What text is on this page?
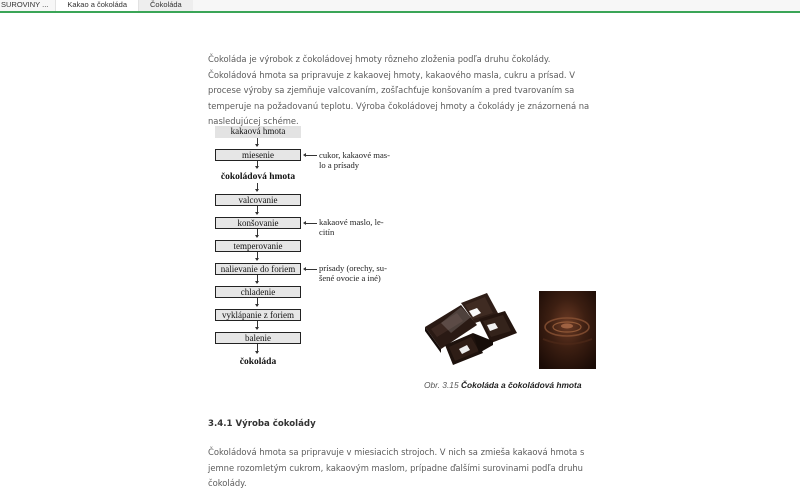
SUROVINY ...	Kakao a čokoláda	Čokoláda

Čokoláda je výrobok z čokoládovej hmoty rôzneho zloženia podľa druhu čokolády. Čokoládová hmota sa pripravuje z kakaovej hmoty, kakaového masla, cukru a prísad. V procese výroby sa zjemňuje valcovaním, zošľachťuje konšovaním a pred tvarovaním sa temperuje na požadovanú teplotu. Výroba čokoládovej hmoty a čokolády je znázornená na nasledujúcej schéme.

kakaová hmota
miesenie
čokoládová hmota
valcovanie
konšovanie
temperovanie
nalievanie do foriem
chladenie
vyklápanie z foriem
balenie
čokoláda
cukor, kakaové mas-
lo a prísady
kakaové maslo, le-
citín
prísady (orechy, su-
šené ovocie a iné)
Obr. 3.15 Čokoláda a čokoládová hmota
3.4.1 Výroba čokolády

Čokoládová hmota sa pripravuje v miesiacich strojoch. V nich sa zmieša kakaová hmota s jemne rozomletým cukrom, kakaovým maslom, prípadne ďalšími surovinami podľa druhu čokolády.
